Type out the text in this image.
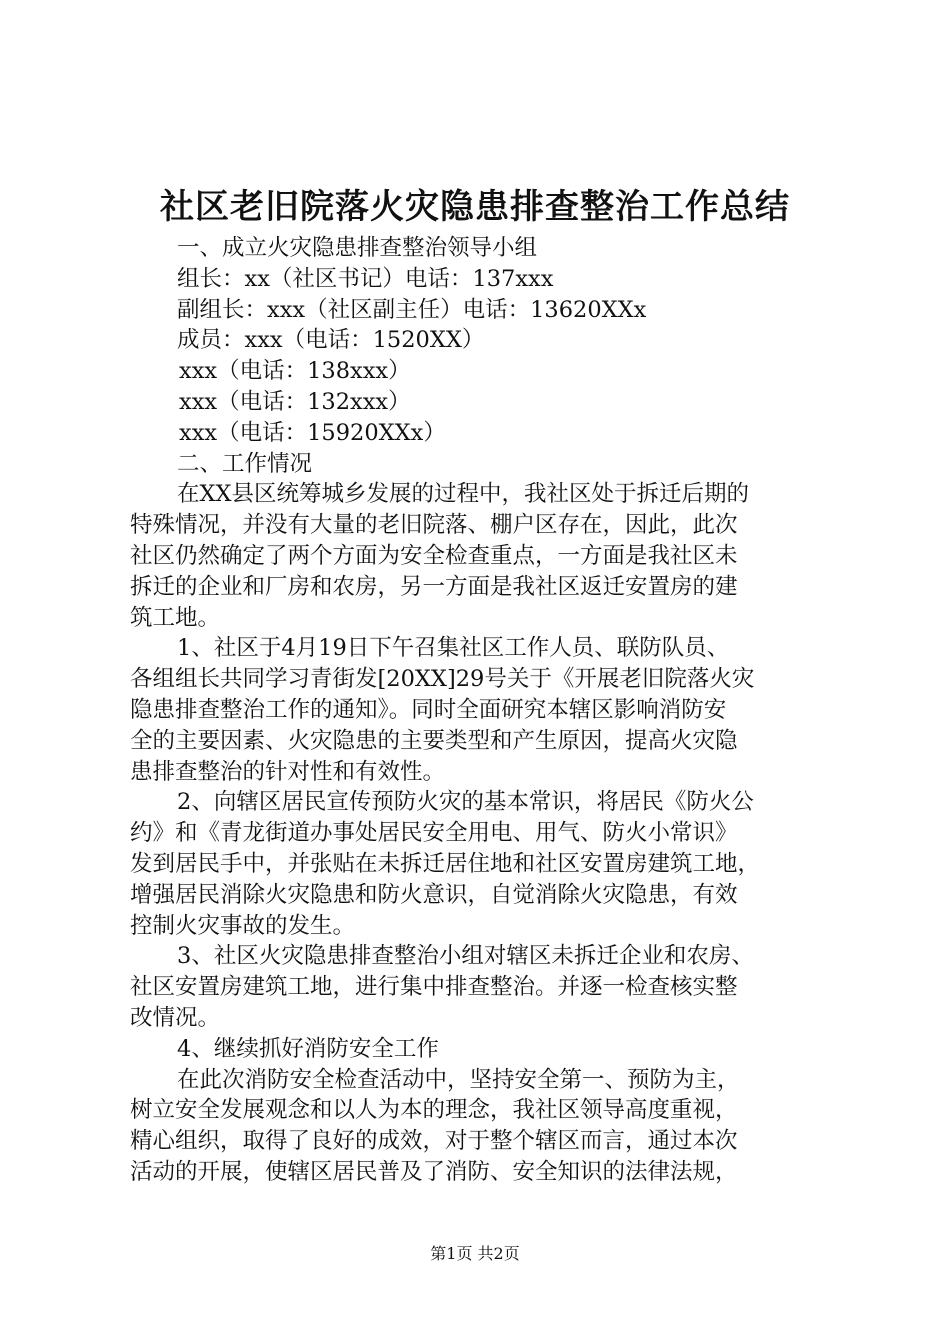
社区老旧院落火灾隐患排查整治工作总结
一、成立火灾隐患排查整治领导小组
组长：xx（社区书记）电话：137xxx
副组长：xxx（社区副主任）电话：13620XXx
成员：xxx（电话：1520XX）
xxx（电话：138xxx）
xxx（电话：132xxx）
xxx（电话：15920XXx）
二、工作情况
在XX县区统筹城乡发展的过程中，我社区处于拆迁后期的
特殊情况，并没有大量的老旧院落、棚户区存在，因此，此次
社区仍然确定了两个方面为安全检查重点，一方面是我社区未
拆迁的企业和厂房和农房，另一方面是我社区返迁安置房的建
筑工地。
1、社区于4月19日下午召集社区工作人员、联防队员、
各组组长共同学习青街发[20XX]29号关于《开展老旧院落火灾
隐患排查整治工作的通知》。同时全面研究本辖区影响消防安
全的主要因素、火灾隐患的主要类型和产生原因，提高火灾隐
患排查整治的针对性和有效性。
2、向辖区居民宣传预防火灾的基本常识，将居民《防火公
约》和《青龙街道办事处居民安全用电、用气、防火小常识》
发到居民手中，并张贴在未拆迁居住地和社区安置房建筑工地，
增强居民消除火灾隐患和防火意识，自觉消除火灾隐患，有效
控制火灾事故的发生。
3、社区火灾隐患排查整治小组对辖区未拆迁企业和农房、
社区安置房建筑工地，进行集中排查整治。并逐一检查核实整
改情况。
4、继续抓好消防安全工作
在此次消防安全检查活动中，坚持安全第一、预防为主，
树立安全发展观念和以人为本的理念，我社区领导高度重视，
精心组织，取得了良好的成效，对于整个辖区而言，通过本次
活动的开展，使辖区居民普及了消防、安全知识的法律法规，
第1页 共2页
